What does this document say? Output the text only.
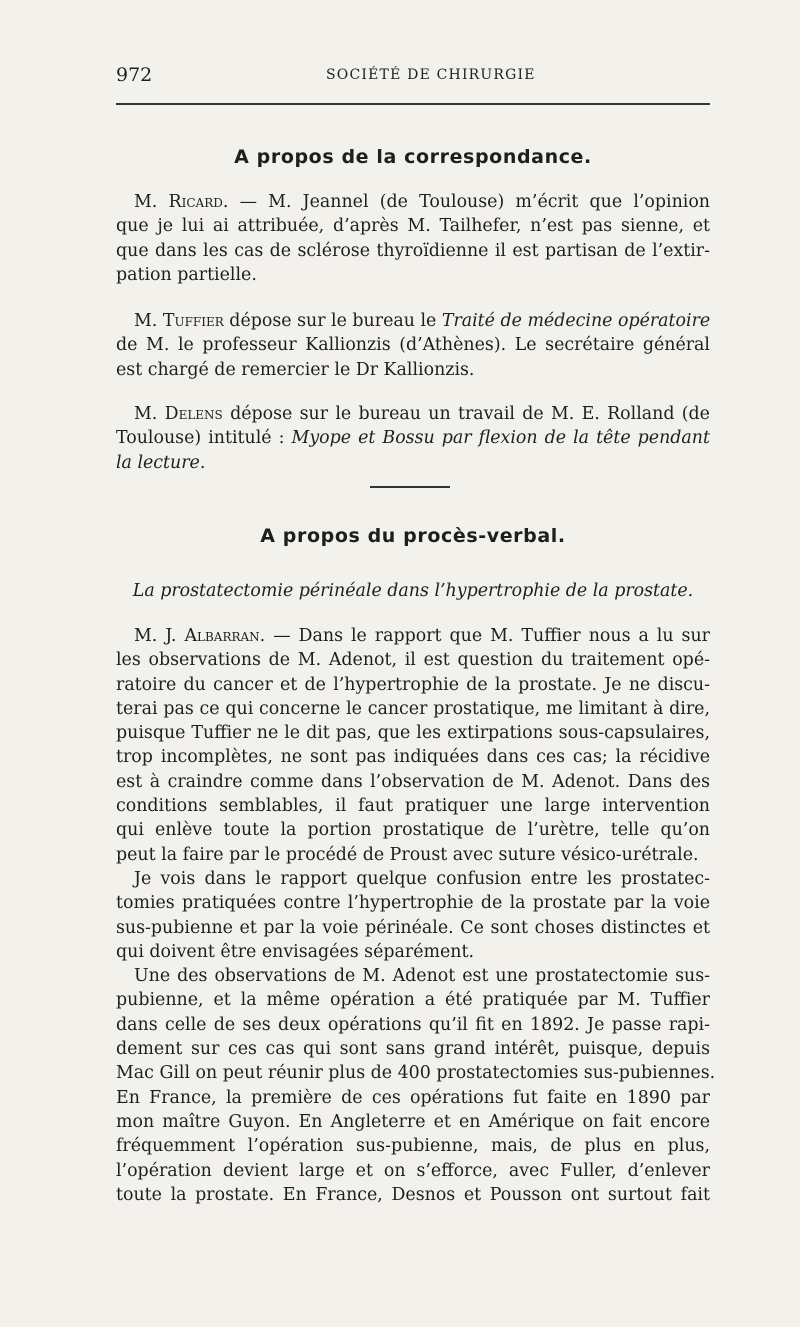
972	SOCIÉTÉ DE CHIRURGIE
A propos de la correspondance.
M. Ricard. — M. Jeannel (de Toulouse) m’écrit que l’opinion
que je lui ai attribuée, d’après M. Tailhefer, n’est pas sienne, et
que dans les cas de sclérose thyroïdienne il est partisan de l’extir-
pation partielle.
M. Tuffier dépose sur le bureau le Traité de médecine opératoire
de M. le professeur Kallionzis (d’Athènes). Le secrétaire général
est chargé de remercier le Dr Kallionzis.
M. Delens dépose sur le bureau un travail de M. E. Rolland (de
Toulouse) intitulé : Myope et Bossu par flexion de la tête pendant
la lecture.
A propos du procès-verbal.
La prostatectomie périnéale dans l’hypertrophie de la prostate.
M. J. Albarran. — Dans le rapport que M. Tuffier nous a lu sur
les observations de M. Adenot, il est question du traitement opé-
ratoire du cancer et de l’hypertrophie de la prostate. Je ne discu-
terai pas ce qui concerne le cancer prostatique, me limitant à dire,
puisque Tuffier ne le dit pas, que les extirpations sous-capsulaires,
trop incomplètes, ne sont pas indiquées dans ces cas; la récidive
est à craindre comme dans l’observation de M. Adenot. Dans des
conditions semblables, il faut pratiquer une large intervention
qui enlève toute la portion prostatique de l’urètre, telle qu’on
peut la faire par le procédé de Proust avec suture vésico-urétrale.
Je vois dans le rapport quelque confusion entre les prostatec-
tomies pratiquées contre l’hypertrophie de la prostate par la voie
sus-pubienne et par la voie périnéale. Ce sont choses distinctes et
qui doivent être envisagées séparément.
Une des observations de M. Adenot est une prostatectomie sus-
pubienne, et la même opération a été pratiquée par M. Tuffier
dans celle de ses deux opérations qu’il fit en 1892. Je passe rapi-
dement sur ces cas qui sont sans grand intérêt, puisque, depuis
Mac Gill on peut réunir plus de 400 prostatectomies sus-pubiennes.
En France, la première de ces opérations fut faite en 1890 par
mon maître Guyon. En Angleterre et en Amérique on fait encore
fréquemment l’opération sus-pubienne, mais, de plus en plus,
l’opération devient large et on s’efforce, avec Fuller, d’enlever
toute la prostate. En France, Desnos et Pousson ont surtout fait
